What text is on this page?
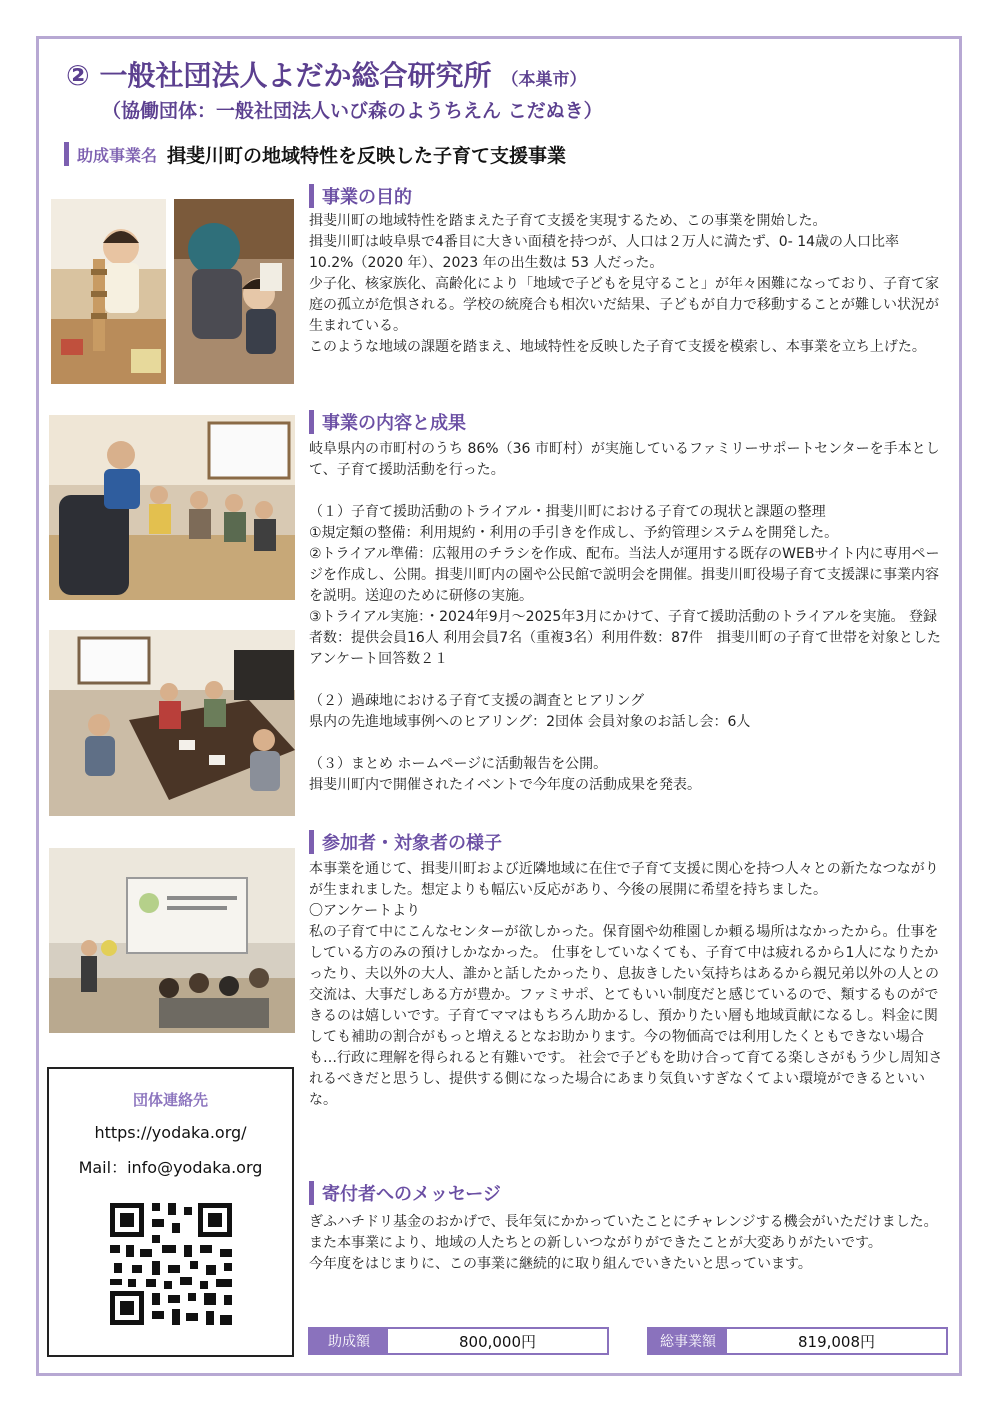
② 一般社団法人よだか総合研究所 （本巣市）
（協働団体：一般社団法人いび森のようちえん こだぬき）
助成事業名 揖斐川町の地域特性を反映した子育て支援事業
事業の目的

揖斐川町の地域特性を踏まえた子育て支援を実現するため、この事業を開始した。

揖斐川町は岐阜県で4番目に大きい面積を持つが、人口は２万人に満たず、0- 14歳の人口比率 10.2%（2020 年）、2023 年の出生数は 53 人だった。

少子化、核家族化、高齢化により「地域で子どもを見守ること」が年々困難になっており、子育て家庭の孤立が危惧される。学校の統廃合も相次いだ結果、子どもが自力で移動することが難しい状況が生まれている。

このような地域の課題を踏まえ、地域特性を反映した子育て支援を模索し、本事業を立ち上げた。

事業の内容と成果

岐阜県内の市町村のうち 86%（36 市町村）が実施しているファミリーサポートセンターを手本として、子育て援助活動を行った。

（１）子育て援助活動のトライアル・揖斐川町における子育ての現状と課題の整理

①規定類の整備：利用規約・利用の手引きを作成し、予約管理システムを開発した。

②トライアル準備：広報用のチラシを作成、配布。当法人が運用する既存のWEBサイト内に専用ページを作成し、公開。揖斐川町内の園や公民館で説明会を開催。揖斐川町役場子育て支援課に事業内容を説明。送迎のために研修の実施。

③トライアル実施：・2024年9月～2025年3月にかけて、子育て援助活動のトライアルを実施。 登録者数：提供会員16人 利用会員7名（重複3名）利用件数：87件　揖斐川町の子育て世帯を対象としたアンケート回答数２１

（２）過疎地における子育て支援の調査とヒアリング

県内の先進地域事例へのヒアリング：2団体 会員対象のお話し会：6人

（３）まとめ ホームページに活動報告を公開。

揖斐川町内で開催されたイベントで今年度の活動成果を発表。

参加者・対象者の様子

本事業を通じて、揖斐川町および近隣地域に在住で子育て支援に関心を持つ人々との新たなつながりが生まれました。想定よりも幅広い反応があり、今後の展開に希望を持ちました。

〇アンケートより

私の子育て中にこんなセンターが欲しかった。保育園や幼稚園しか頼る場所はなかったから。仕事をしている方のみの預けしかなかった。 仕事をしていなくても、子育て中は疲れるから1人になりたかったり、夫以外の大人、誰かと話したかったり、息抜きしたい気持ちはあるから親兄弟以外の人との交流は、大事だしある方が豊か。ファミサポ、とてもいい制度だと感じているので、類するものができるのは嬉しいです。子育てママはもちろん助かるし、預かりたい層も地域貢献になるし。料金に関しても補助の割合がもっと増えるとなお助かります。今の物価高では利用したくともできない場合も…行政に理解を得られると有難いです。 社会で子どもを助け合って育てる楽しさがもう少し周知されるべきだと思うし、提供する側になった場合にあまり気負いすぎなくてよい環境ができるといいな。

寄付者へのメッセージ

ぎふハチドリ基金のおかげで、長年気にかかっていたことにチャレンジする機会がいただけました。また本事業により、地域の人たちとの新しいつながりができたことが大変ありがたいです。

今年度をはじまりに、この事業に継続的に取り組んでいきたいと思っています。

団体連絡先
https://yodaka.org/
Mail：info@yodaka.org
助成額	800,000円	総事業額	819,008円
